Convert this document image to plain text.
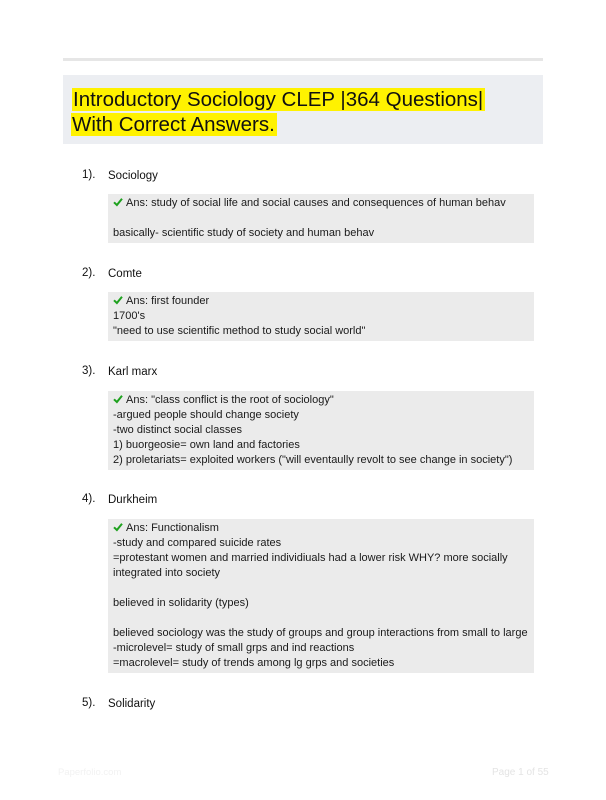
Introductory Sociology CLEP |364 Questions|
With Correct Answers.
1). Sociology
Ans: study of social life and social causes and consequences of human behav
basically- scientific study of society and human behav
2). Comte
Ans: first founder
1700's
"need to use scientific method to study social world"
3). Karl marx
Ans: "class conflict is the root of sociology"
-argued people should change society
-two distinct social classes
1) buorgeosie= own land and factories
2) proletariats= exploited workers ("will eventaully revolt to see change in society")
4). Durkheim
Ans: Functionalism
-study and compared suicide rates
=protestant women and married individiuals had a lower risk WHY? more socially
integrated into society
believed in solidarity (types)
believed sociology was the study of groups and group interactions from small to large
-microlevel= study of small grps and ind reactions
=macrolevel= study of trends among lg grps and societies
5). Solidarity
Paperfolio.com	Page 1 of 55
